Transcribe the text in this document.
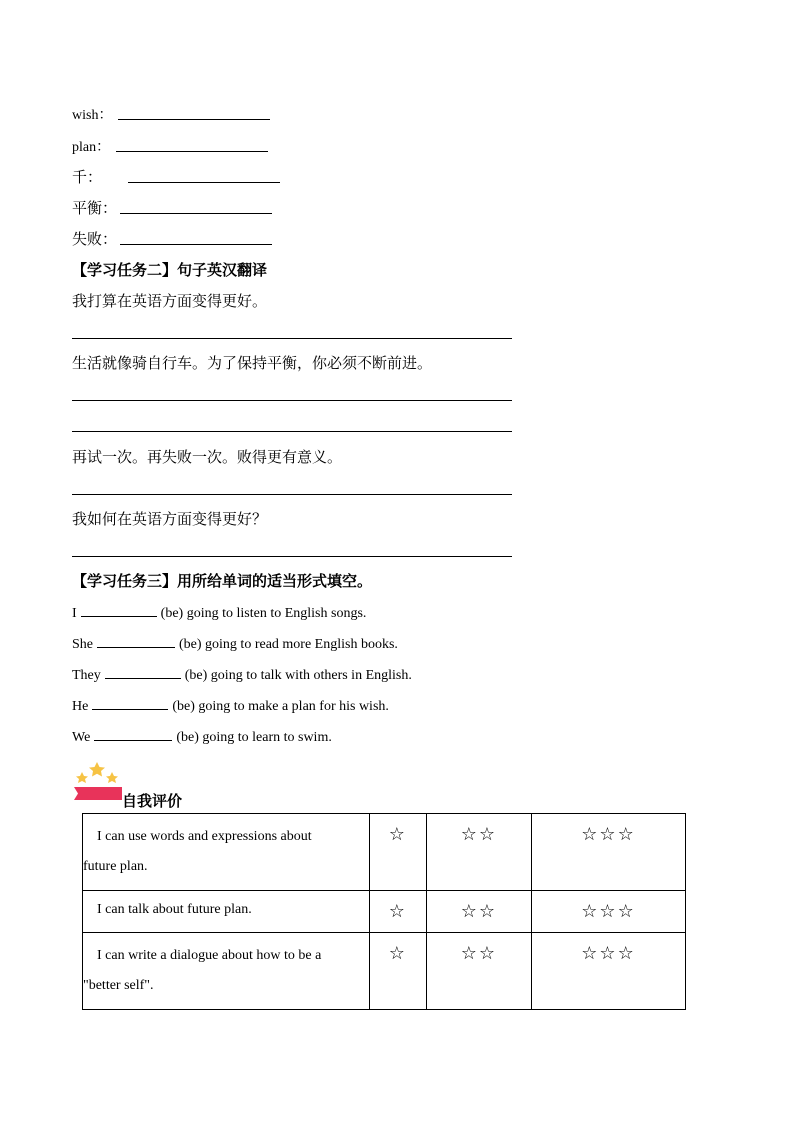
wish：
plan：
千：
平衡：
失败：
【学习任务二】句子英汉翻译
我打算在英语方面变得更好。
生活就像骑自行车。为了保持平衡，你必须不断前进。
再试一次。再失败一次。败得更有意义。
我如何在英语方面变得更好？
【学习任务三】用所给单词的适当形式填空。
I	(be) going to listen to English songs.
She	(be) going to read more English books.
They	(be) going to talk with others in English.
He	(be) going to make a plan for his wish.
We	(be) going to learn to swim.
自我评价
I can use words and expressions about
future plan.	☆	☆☆	☆☆☆

I can talk about future plan.	☆	☆☆	☆☆☆

I can write a dialogue about how to be a
"better self".	☆	☆☆	☆☆☆
